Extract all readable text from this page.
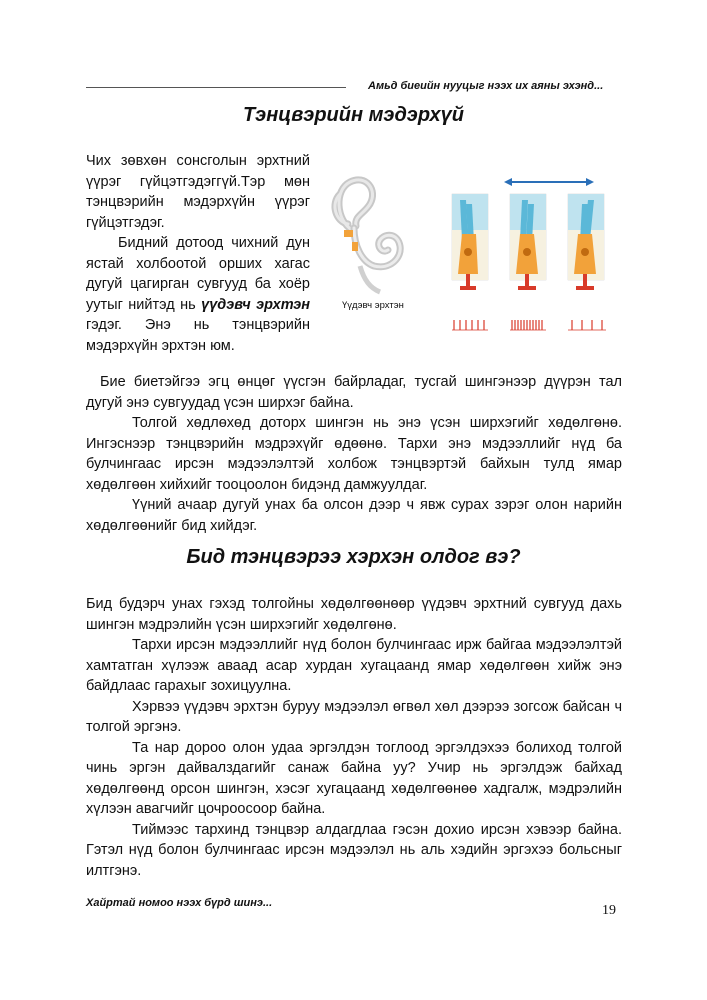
Амьд биеийн нууцыг нээх их аяны эхэнд...
Тэнцвэрийн мэдэрхүй

Чих зөвхөн сонсголын эрхтний үүрэг гүйцэтгэдэггүй.Тэр мөн тэнцвэрийн мэдэрхүйн үүрэг гүйцэтгэдэг.

Бидний дотоод чихний дун ястай холбоотой орших хагас дугуй цагирган сувгууд ба хоёр уутыг нийтэд нь үүдэвч эрхтэн гэдэг. Энэ нь тэнцвэрийн мэдэрхүйн эрхтэн юм.

Үүдэвч эрхтэн

Бие биетэйгээ эгц өнцөг үүсгэн байрладаг, тусгай шингэнээр дүүрэн тал дугуй энэ сувгуудад үсэн ширхэг байна.

Толгой хөдлөхөд доторх шингэн нь энэ үсэн ширхэгийг хөдөлгөнө. Ингэснээр тэнцвэрийн мэдрэхүйг өдөөнө. Тархи энэ мэдээллийг нүд ба булчингаас ирсэн мэдээлэлтэй холбож тэнцвэртэй байхын тулд ямар хөдөлгөөн хийхийг тооцоолон бидэнд дамжуулдаг.

Үүний ачаар дугуй унах ба олсон дээр ч явж сурах зэрэг олон нарийн хөдөлгөөнийг бид хийдэг.

Бид тэнцвэрээ хэрхэн олдог вэ?

Бид будэрч унах гэхэд толгойны хөдөлгөөнөөр үүдэвч эрхтний сувгууд дахь шингэн мэдрэлийн үсэн ширхэгийг хөдөлгөнө.

Тархи ирсэн мэдээллийг нүд болон булчингаас ирж байгаа мэдээлэлтэй хамтатган хүлээж аваад асар хурдан хугацаанд ямар хөдөлгөөн хийж энэ байдлаас гарахыг зохицуулна.

Хэрвээ үүдэвч эрхтэн буруу мэдээлэл өгвөл хөл дээрээ зогсож байсан ч толгой эргэнэ.

Та нар дороо олон удаа эргэлдэн тоглоод эргэлдэхээ болиход толгой чинь эргэн дайвалздагийг санаж байна уу? Учир нь эргэлдэж байхад хөдөлгөөнд орсон шингэн, хэсэг хугацаанд хөдөлгөөнөө хадгалж, мэдрэлийн хүлээн авагчийг цочроосоор байна.

Тиймээс тархинд тэнцвэр алдагдлаа гэсэн дохио ирсэн хэвээр байна. Гэтэл нүд болон булчингаас ирсэн мэдээлэл нь аль хэдийн эргэхээ больсныг илтгэнэ.

Хайртай номоо нээх бүрд шинэ...	19
